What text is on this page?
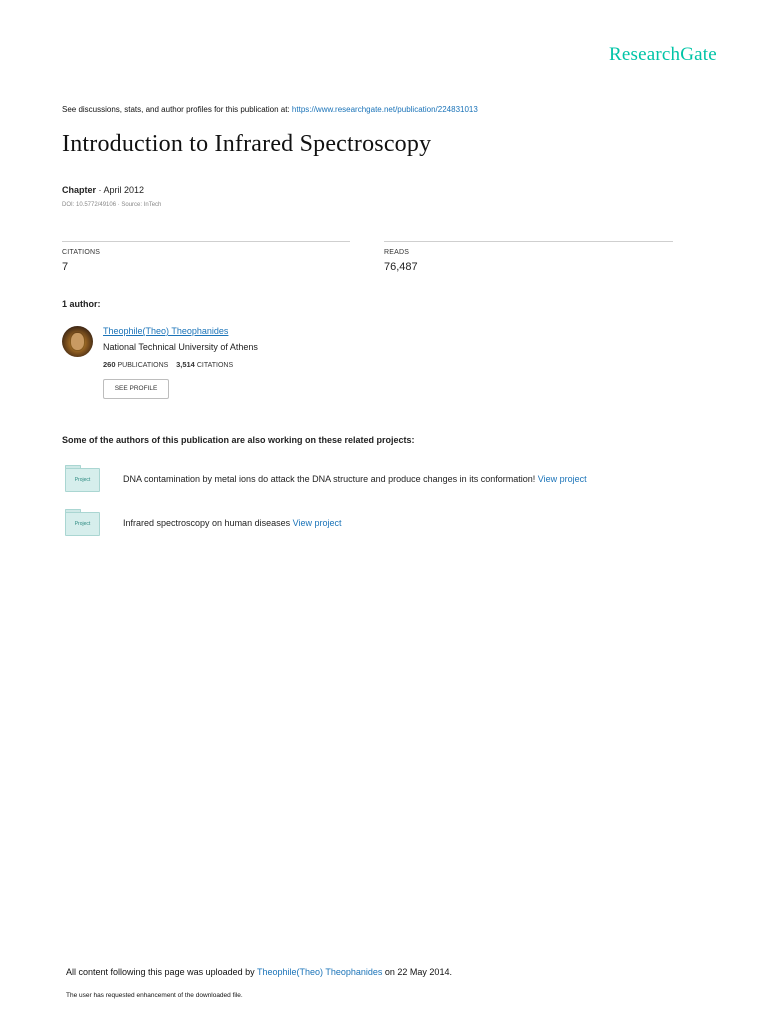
ResearchGate
See discussions, stats, and author profiles for this publication at: https://www.researchgate.net/publication/224831013
Introduction to Infrared Spectroscopy
Chapter · April 2012
DOI: 10.5772/49106 · Source: InTech
CITATIONS
7
READS
76,487
1 author:
Theophile(Theo) Theophanides
National Technical University of Athens
260 PUBLICATIONS 3,514 CITATIONS
SEE PROFILE
Some of the authors of this publication are also working on these related projects:
Project	DNA contamination by metal ions do attack the DNA structure and produce changes in its conformation! View project
Project	Infrared spectroscopy on human diseases View project
All content following this page was uploaded by Theophile(Theo) Theophanides on 22 May 2014.
The user has requested enhancement of the downloaded file.
